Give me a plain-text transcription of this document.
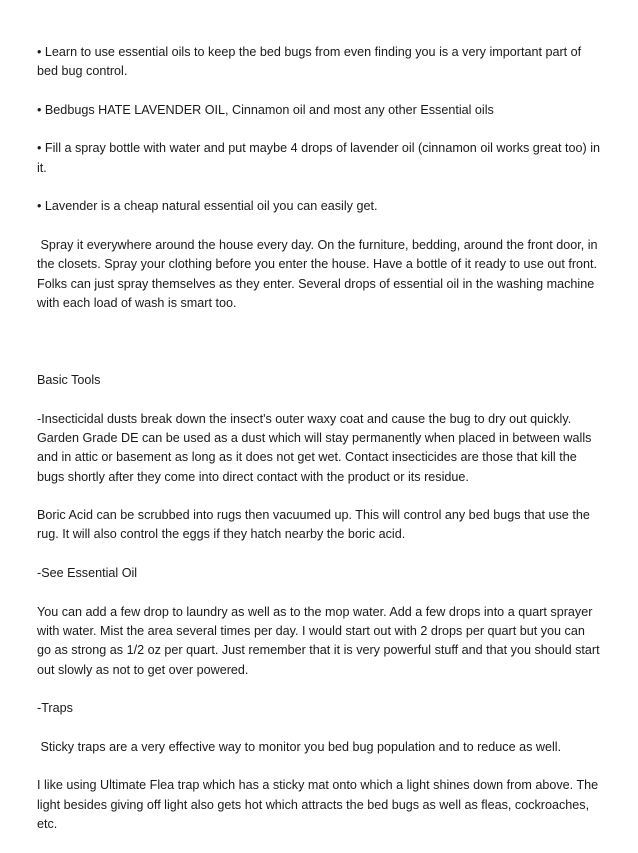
• Learn to use essential oils to keep the bed bugs from even finding you is a very important part of bed bug control.

• Bedbugs HATE LAVENDER OIL, Cinnamon oil and most any other Essential oils

• Fill a spray bottle with water and put maybe 4 drops of lavender oil (cinnamon oil works great too) in it.

• Lavender is a cheap natural essential oil you can easily get.

Spray it everywhere around the house every day. On the furniture, bedding, around the front door, in the closets. Spray your clothing before you enter the house. Have a bottle of it ready to use out front. Folks can just spray themselves as they enter. Several drops of essential oil in the washing machine with each load of wash is smart too.

Basic Tools

-Insecticidal dusts break down the insect's outer waxy coat and cause the bug to dry out quickly. Garden Grade DE can be used as a dust which will stay permanently when placed in between walls and in attic or basement as long as it does not get wet. Contact insecticides are those that kill the bugs shortly after they come into direct contact with the product or its residue.

Boric Acid can be scrubbed into rugs then vacuumed up. This will control any bed bugs that use the rug. It will also control the eggs if they hatch nearby the boric acid.

-See Essential Oil

You can add a few drop to laundry as well as to the mop water. Add a few drops into a quart sprayer with water. Mist the area several times per day. I would start out with 2 drops per quart but you can go as strong as 1/2 oz per quart. Just remember that it is very powerful stuff and that you should start out slowly as not to get over powered.

-Traps

Sticky traps are a very effective way to monitor you bed bug population and to reduce as well.

I like using Ultimate Flea trap which has a sticky mat onto which a light shines down from above. The light besides giving off light also gets hot which attracts the bed bugs as well as fleas, cockroaches, etc.
